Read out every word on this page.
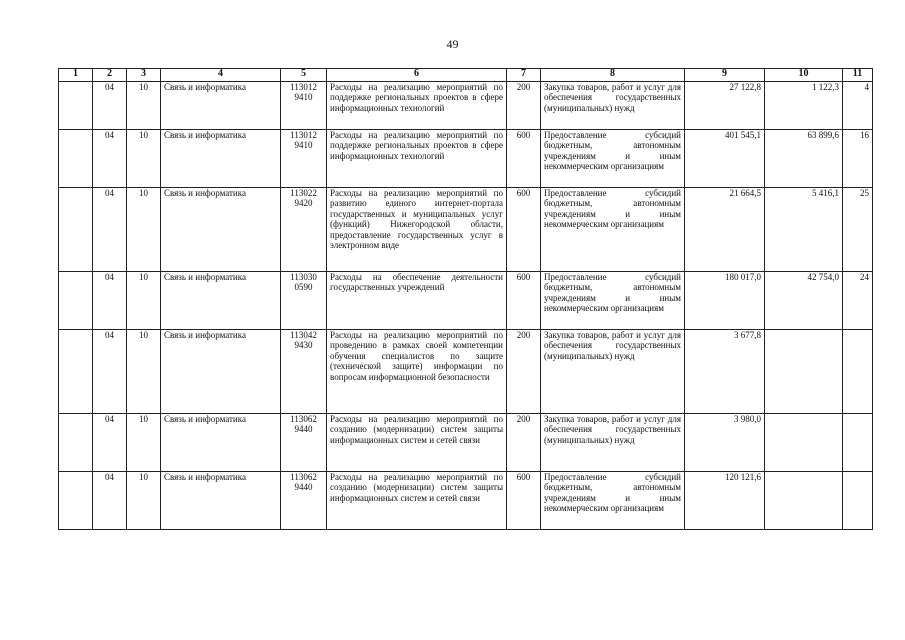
49
1	2	3	4	5	6	7	8	9	10	11
	04	10	Связь и информатика	113012 9410	Расходы на реализацию мероприятий по поддержке региональных проектов в сфере информационных технологий	200	Закупка товаров, работ и услуг для обеспечения государственных (муниципальных) нужд	27 122,8	1 122,3	4
	04	10	Связь и информатика	113012 9410	Расходы на реализацию мероприятий по поддержке региональных проектов в сфере информационных технологий	600	Предоставление субсидий бюджетным, автономным учреждениям и иным некоммерческим организациям	401 545,1	63 899,6	16
	04	10	Связь и информатика	113022 9420	Расходы на реализацию мероприятий по развитию единого интернет-портала государственных и муниципальных услуг (функций) Нижегородской области, предоставление государственных услуг в электронном виде	600	Предоставление субсидий бюджетным, автономным учреждениям и иным некоммерческим организациям	21 664,5	5 416,1	25
	04	10	Связь и информатика	113030 0590	Расходы на обеспечение деятельности государственных учреждений	600	Предоставление субсидий бюджетным, автономным учреждениям и иным некоммерческим организациям	180 017,0	42 754,0	24
	04	10	Связь и информатика	113042 9430	Расходы на реализацию мероприятий по проведению в рамках своей компетенции обучения специалистов по защите (технической защите) информации по вопросам информационной безопасности	200	Закупка товаров, работ и услуг для обеспечения государственных (муниципальных) нужд	3 677,8		
	04	10	Связь и информатика	113062 9440	Расходы на реализацию мероприятий по созданию (модернизации) систем защиты информационных систем и сетей связи	200	Закупка товаров, работ и услуг для обеспечения государственных (муниципальных) нужд	3 980,0		
	04	10	Связь и информатика	113062 9440	Расходы на реализацию мероприятий по созданию (модернизации) систем защиты информационных систем и сетей связи	600	Предоставление субсидий бюджетным, автономным учреждениям и иным некоммерческим организациям	120 121,6		
